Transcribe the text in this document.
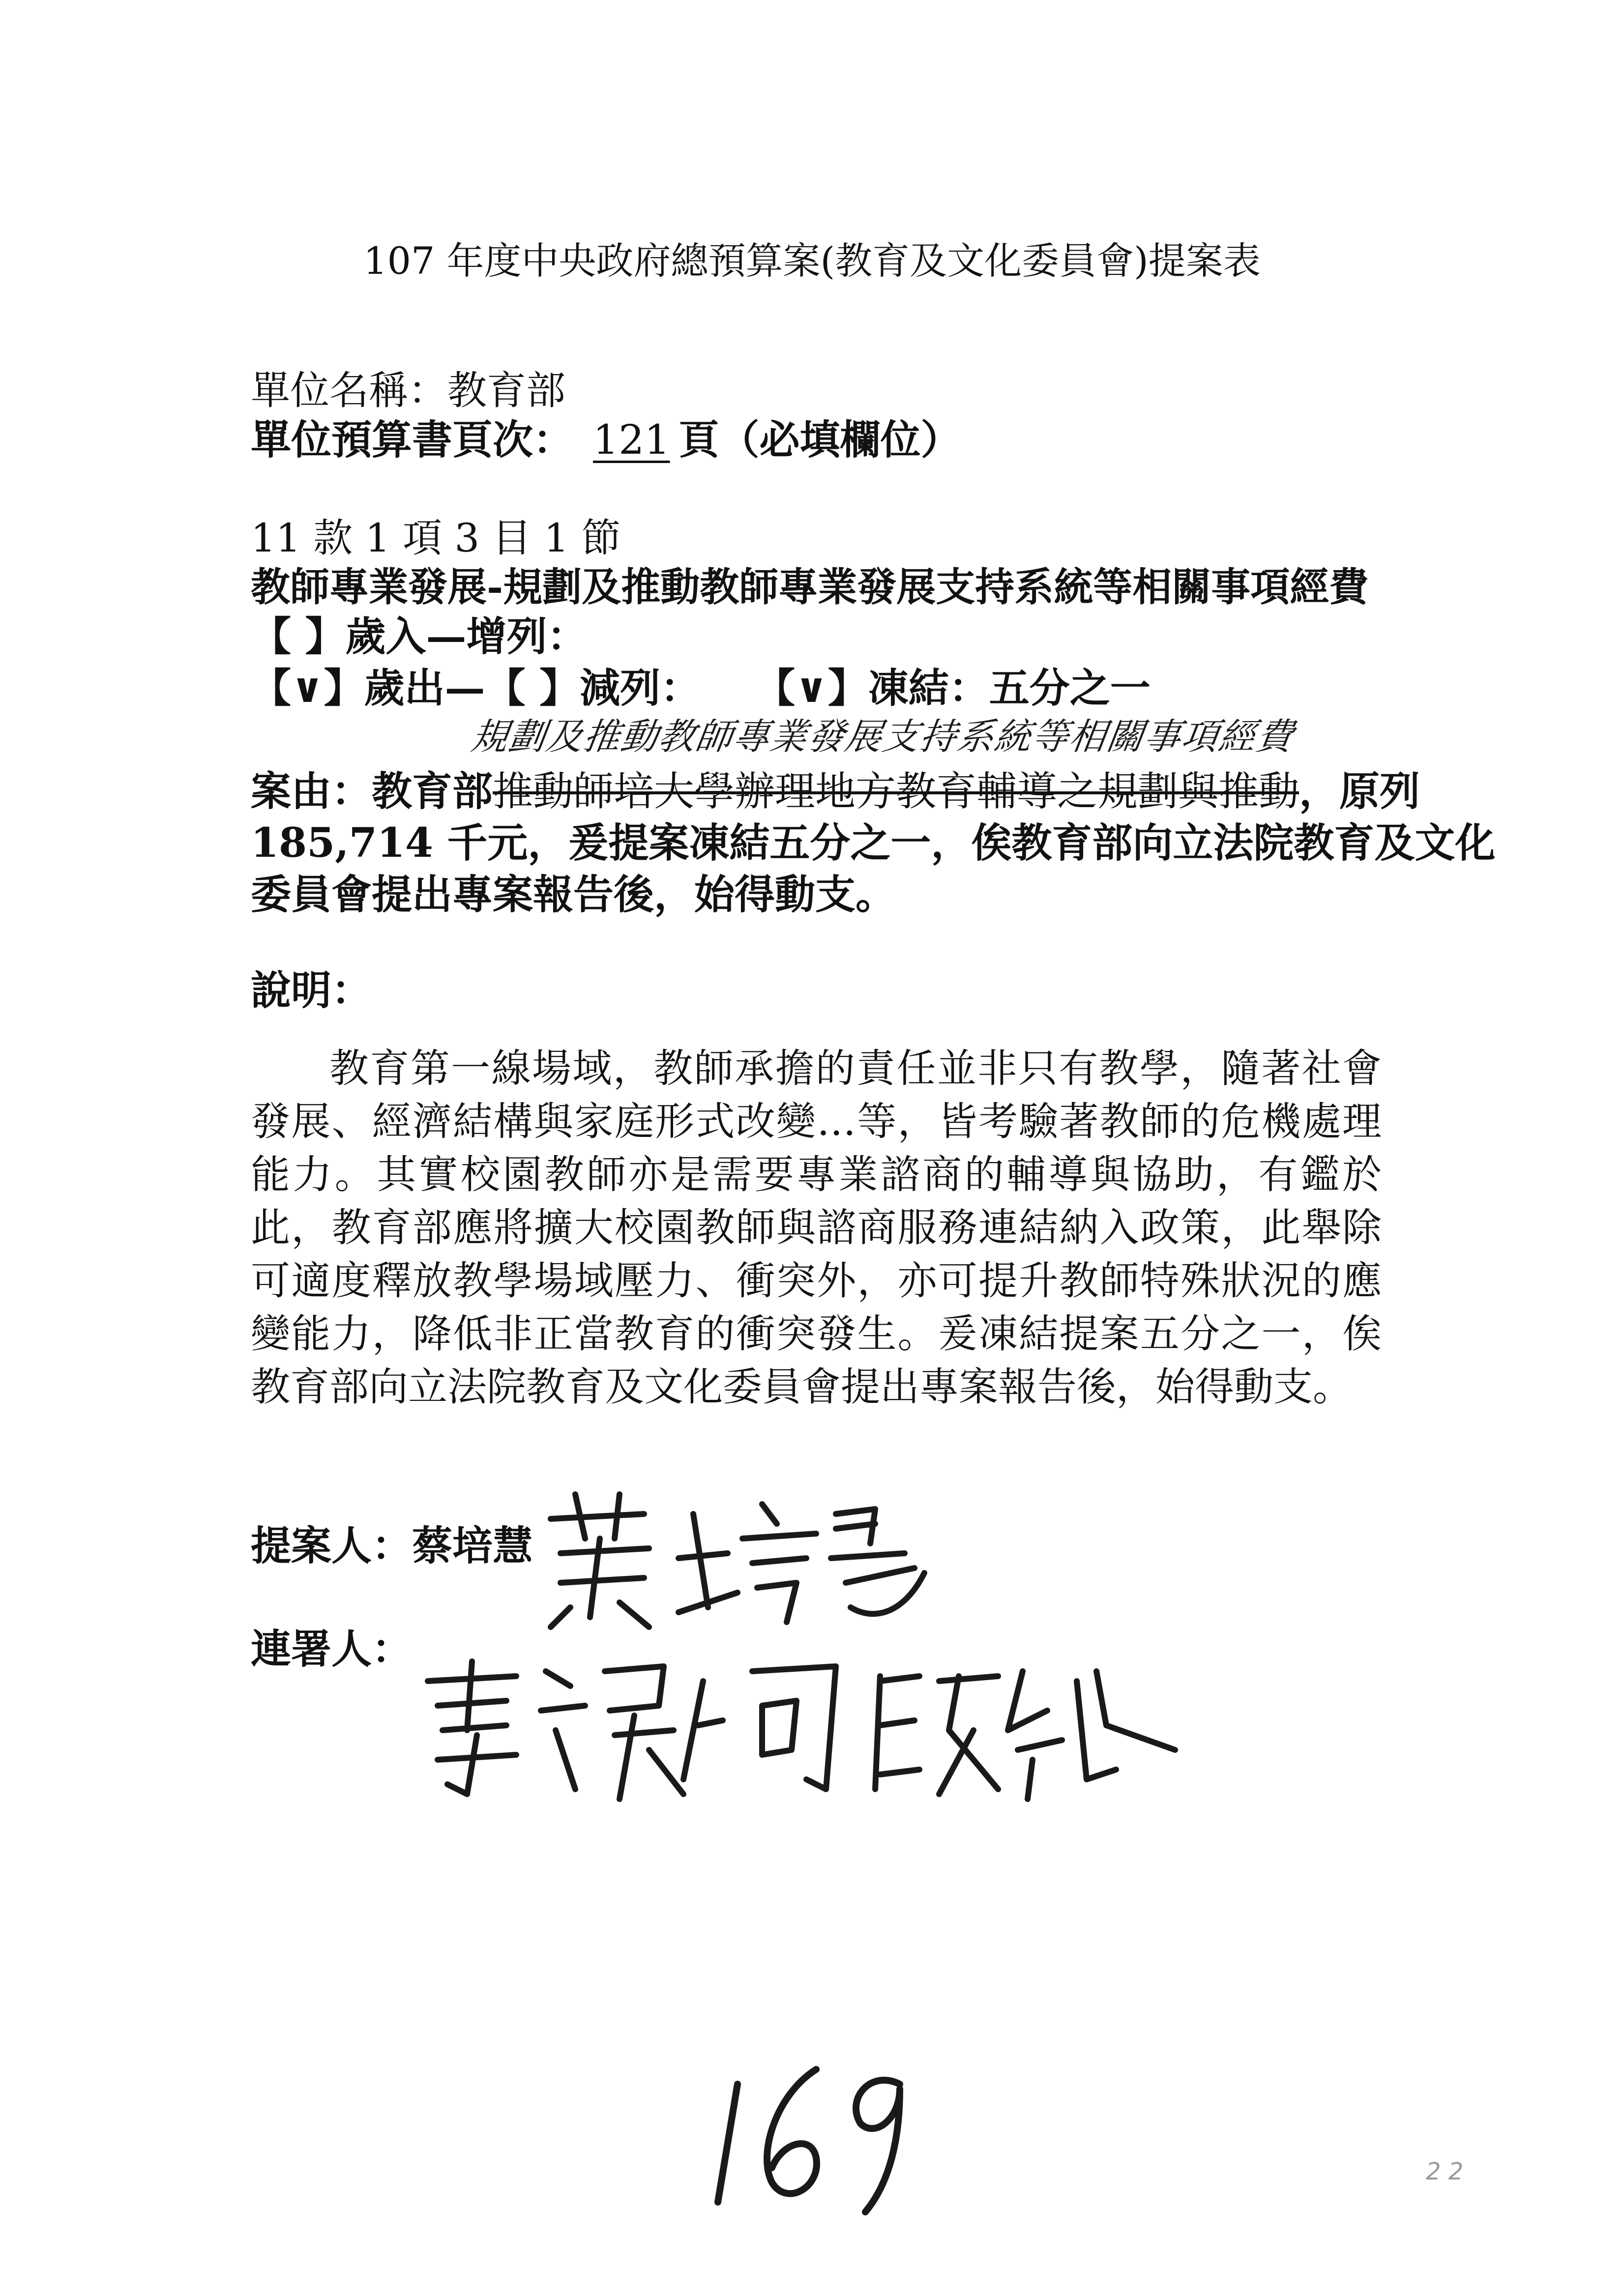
107 年度中央政府總預算案(教育及文化委員會)提案表
單位名稱：教育部
單位預算書頁次： 121 頁（必填欄位）
11 款 1 項 3 目 1 節
教師專業發展-規劃及推動教師專業發展支持系統等相關事項經費
【 】歲入—增列：
【∨】歲出—【 】減列： 【∨】凍結：五分之一
規劃及推動教師專業發展支持系統等相關事項經費
案由：教育部推動師培大學辦理地方教育輔導之規劃與推動，原列
185,714 千元，爰提案凍結五分之一，俟教育部向立法院教育及文化
委員會提出專案報告後，始得動支。
說明：
教育第一線場域，教師承擔的責任並非只有教學，隨著社會發展、經濟結構與家庭形式改變…等，皆考驗著教師的危機處理能力。其實校園教師亦是需要專業諮商的輔導與協助，有鑑於此，教育部應將擴大校園教師與諮商服務連結納入政策，此舉除可適度釋放教學場域壓力、衝突外，亦可提升教師特殊狀況的應變能力，降低非正當教育的衝突發生。爰凍結提案五分之一，俟教育部向立法院教育及文化委員會提出專案報告後，始得動支。
提案人：蔡培慧
連署人：
2 2
